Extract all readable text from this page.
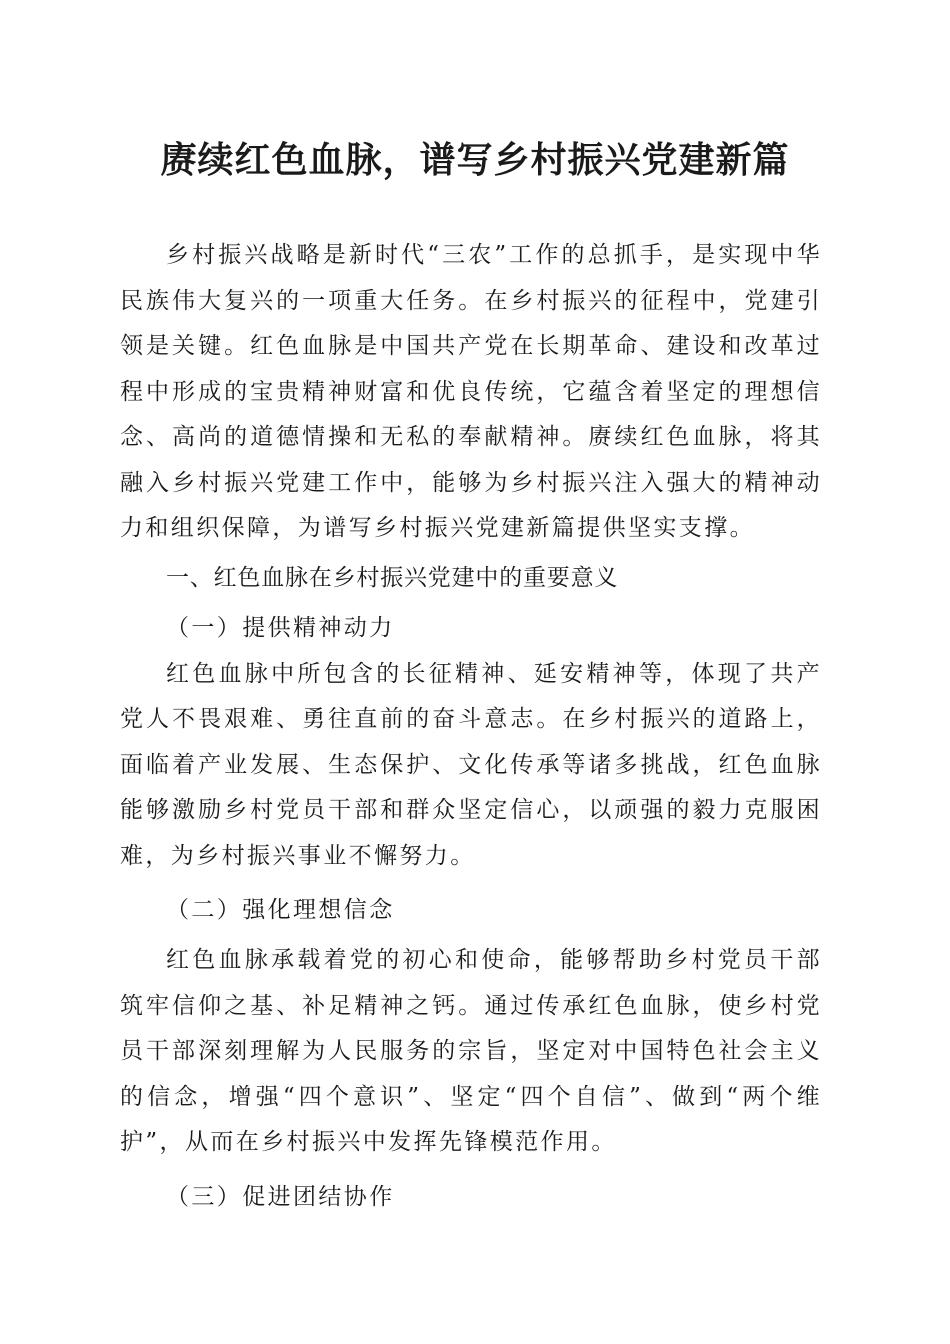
赓续红色血脉，谱写乡村振兴党建新篇

乡村振兴战略是新时代“三农”工作的总抓手，是实现中华民族伟大复兴的一项重大任务。在乡村振兴的征程中，党建引领是关键。红色血脉是中国共产党在长期革命、建设和改革过程中形成的宝贵精神财富和优良传统，它蕴含着坚定的理想信念、高尚的道德情操和无私的奉献精神。赓续红色血脉，将其融入乡村振兴党建工作中，能够为乡村振兴注入强大的精神动力和组织保障，为谱写乡村振兴党建新篇提供坚实支撑。

一、红色血脉在乡村振兴党建中的重要意义

（一）提供精神动力

红色血脉中所包含的长征精神、延安精神等，体现了共产党人不畏艰难、勇往直前的奋斗意志。在乡村振兴的道路上，面临着产业发展、生态保护、文化传承等诸多挑战，红色血脉能够激励乡村党员干部和群众坚定信心，以顽强的毅力克服困难，为乡村振兴事业不懈努力。

（二）强化理想信念

红色血脉承载着党的初心和使命，能够帮助乡村党员干部筑牢信仰之基、补足精神之钙。通过传承红色血脉，使乡村党员干部深刻理解为人民服务的宗旨，坚定对中国特色社会主义的信念，增强“四个意识”、坚定“四个自信”、做到“两个维护”，从而在乡村振兴中发挥先锋模范作用。

（三）促进团结协作
